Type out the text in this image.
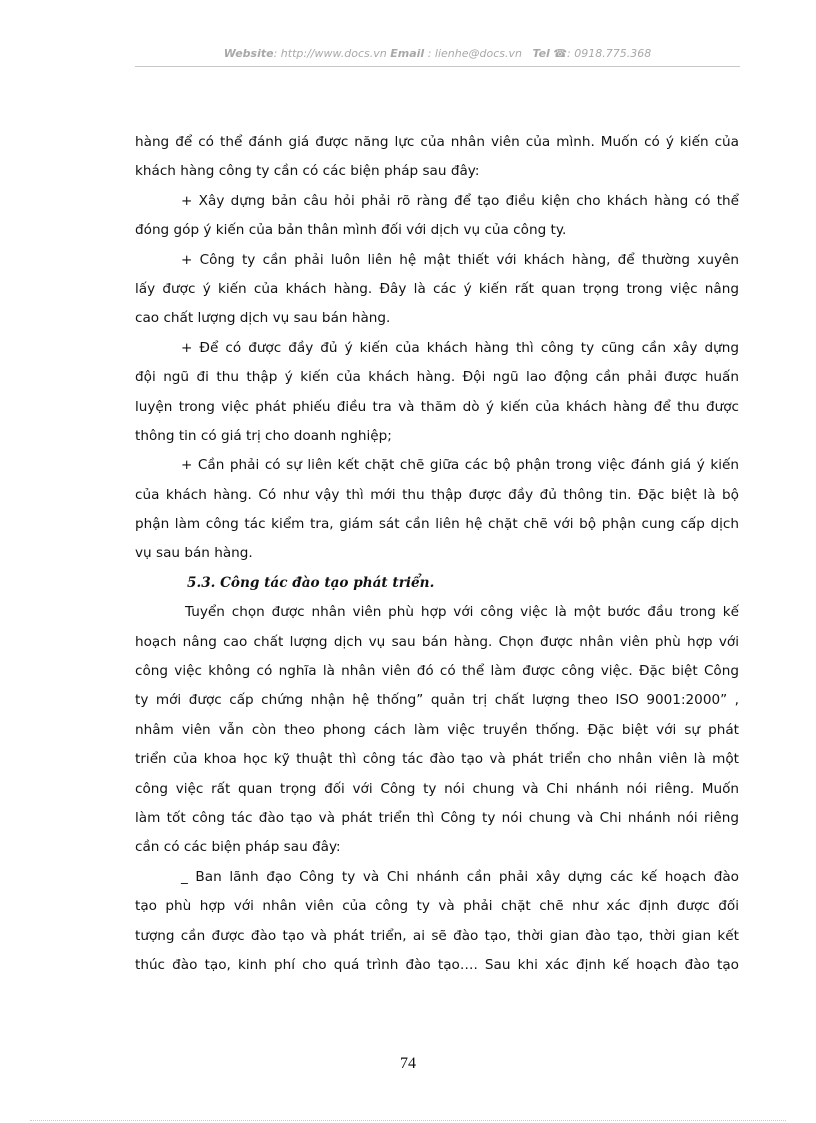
Website: http://www.docs.vn Email : lienhe@docs.vn Tel ☎: 0918.775.368
hàng để có thể đánh giá được năng lực của nhân viên của mình. Muốn có ý kiến của
khách hàng công ty cần có các biện pháp sau đây:
+ Xây dựng bản câu hỏi phải rõ ràng để tạo điều kiện cho khách hàng có thể
đóng góp ý kiến của bản thân mình đối với dịch vụ của công ty.
+ Công ty cần phải luôn liên hệ mật thiết với khách hàng, để thường xuyên
lấy được ý kiến của khách hàng. Đây là các ý kiến rất quan trọng trong việc nâng
cao chất lượng dịch vụ sau bán hàng.
+ Để có được đầy đủ ý kiến của khách hàng thì công ty cũng cần xây dựng
đội ngũ đi thu thập ý kiến của khách hàng. Đội ngũ lao động cần phải được huấn
luyện trong việc phát phiếu điều tra và thăm dò ý kiến của khách hàng để thu được
thông tin có giá trị cho doanh nghiệp;
+ Cần phải có sự liên kết chặt chẽ giữa các bộ phận trong việc đánh giá ý kiến
của khách hàng. Có như vậy thì mới thu thập được đầy đủ thông tin. Đặc biệt là bộ
phận làm công tác kiểm tra, giám sát cần liên hệ chặt chẽ với bộ phận cung cấp dịch
vụ sau bán hàng.
5.3. Công tác đào tạo phát triển.
Tuyển chọn được nhân viên phù hợp với công việc là một bước đầu trong kế
hoạch nâng cao chất lượng dịch vụ sau bán hàng. Chọn được nhân viên phù hợp với
công việc không có nghĩa là nhân viên đó có thể làm được công việc. Đặc biệt Công
ty mới được cấp chứng nhận hệ thống” quản trị chất lượng theo ISO 9001:2000” ,
nhâm viên vẫn còn theo phong cách làm việc truyền thống. Đặc biệt với sự phát
triển của khoa học kỹ thuật thì công tác đào tạo và phát triển cho nhân viên là một
công việc rất quan trọng đối với Công ty nói chung và Chi nhánh nói riêng. Muốn
làm tốt công tác đào tạo và phát triển thì Công ty nói chung và Chi nhánh nói riêng
cần có các biện pháp sau đây:
_ Ban lãnh đạo Công ty và Chi nhánh cần phải xây dựng các kế hoạch đào
tạo phù hợp với nhân viên của công ty và phải chặt chẽ như xác định được đối
tượng cần được đào tạo và phát triển, ai sẽ đào tạo, thời gian đào tạo, thời gian kết
thúc đào tạo, kinh phí cho quá trình đào tạo…. Sau khi xác định kế hoạch đào tạo
74
